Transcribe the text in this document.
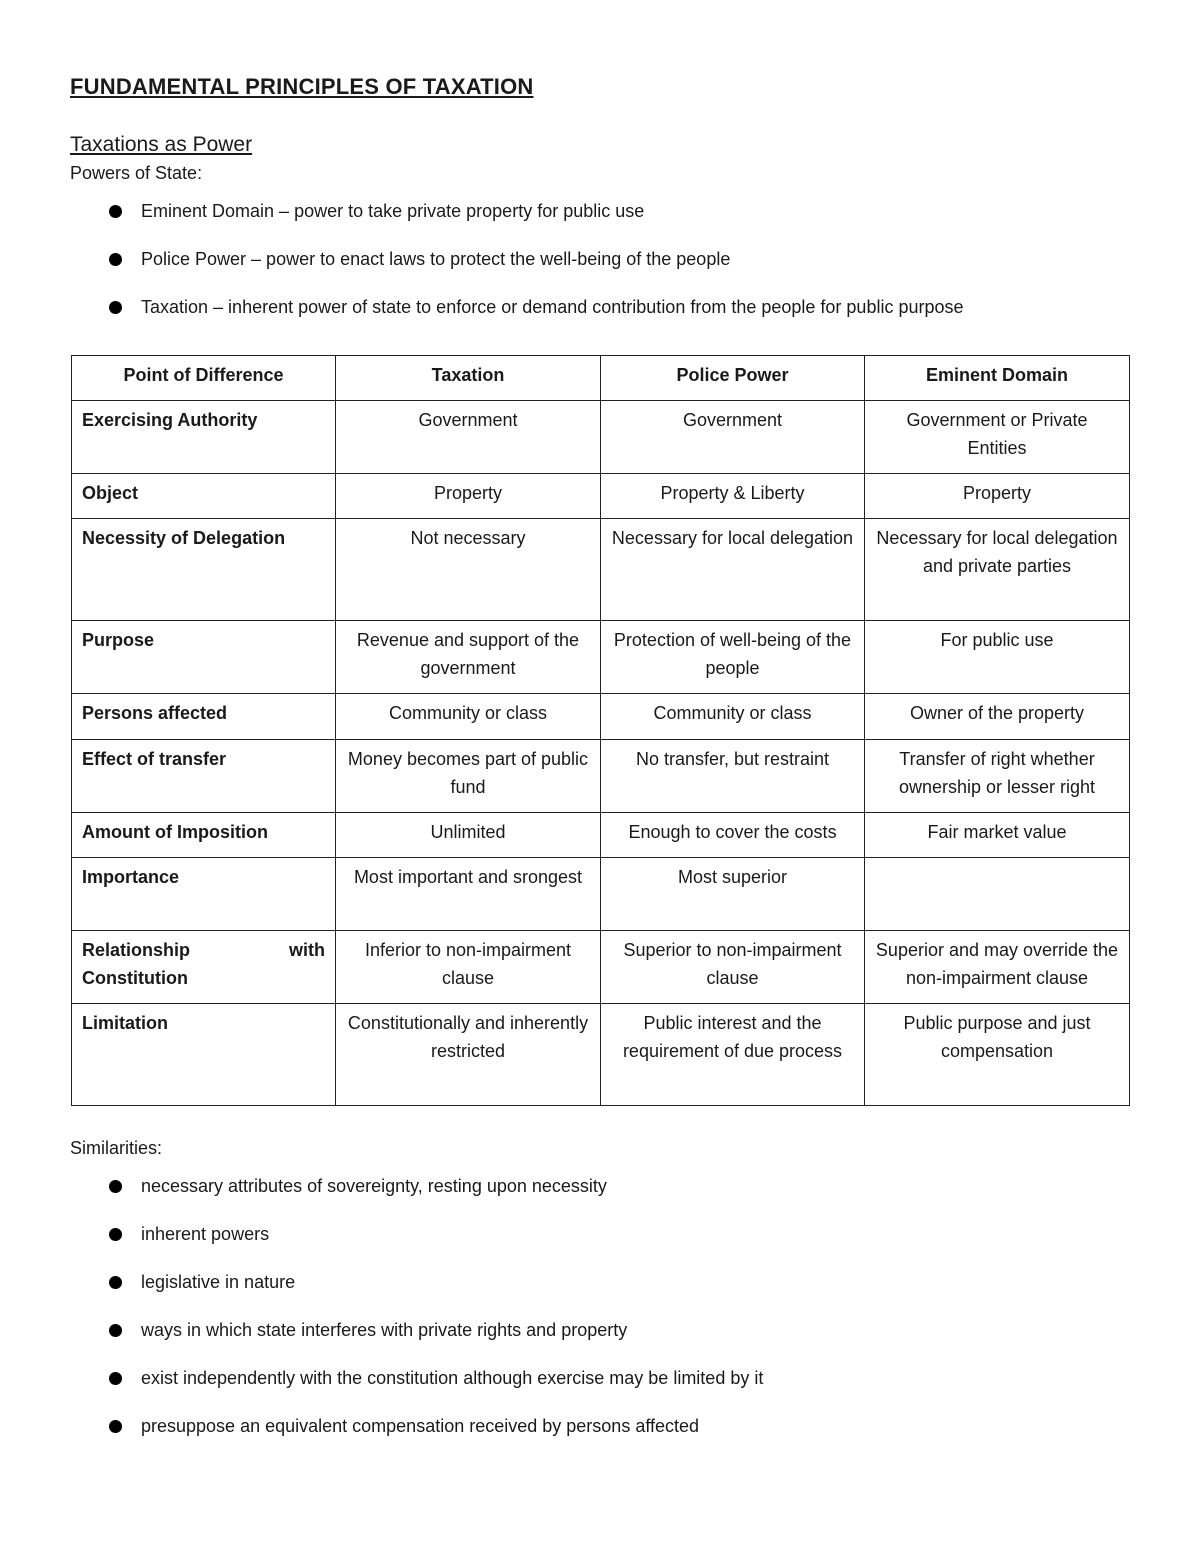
FUNDAMENTAL PRINCIPLES OF TAXATION
Taxations as Power

Powers of State:

Eminent Domain – power to take private property for public use
Police Power – power to enact laws to protect the well-being of the people
Taxation – inherent power of state to enforce or demand contribution from the people for public purpose
Point of Difference	Taxation	Police Power	Eminent Domain
Exercising Authority	Government	Government	Government or Private Entities
Object	Property	Property & Liberty	Property
Necessity of Delegation	Not necessary	Necessary for local delegation	Necessary for local delegation and private parties
Purpose	Revenue and support of the government	Protection of well-being of the people	For public use
Persons affected	Community or class	Community or class	Owner of the property
Effect of transfer	Money becomes part of public fund	No transfer, but restraint	Transfer of right whether ownership or lesser right
Amount of Imposition	Unlimited	Enough to cover the costs	Fair market value
Importance	Most important and srongest	Most superior	
Relationship with Constitution	Inferior to non-impairment clause	Superior to non-impairment clause	Superior and may override the non-impairment clause
Limitation	Constitutionally and inherently restricted	Public interest and the requirement of due process	Public purpose and just compensation

Similarities:

necessary attributes of sovereignty, resting upon necessity
inherent powers
legislative in nature
ways in which state interferes with private rights and property
exist independently with the constitution although exercise may be limited by it
presuppose an equivalent compensation received by persons affected
